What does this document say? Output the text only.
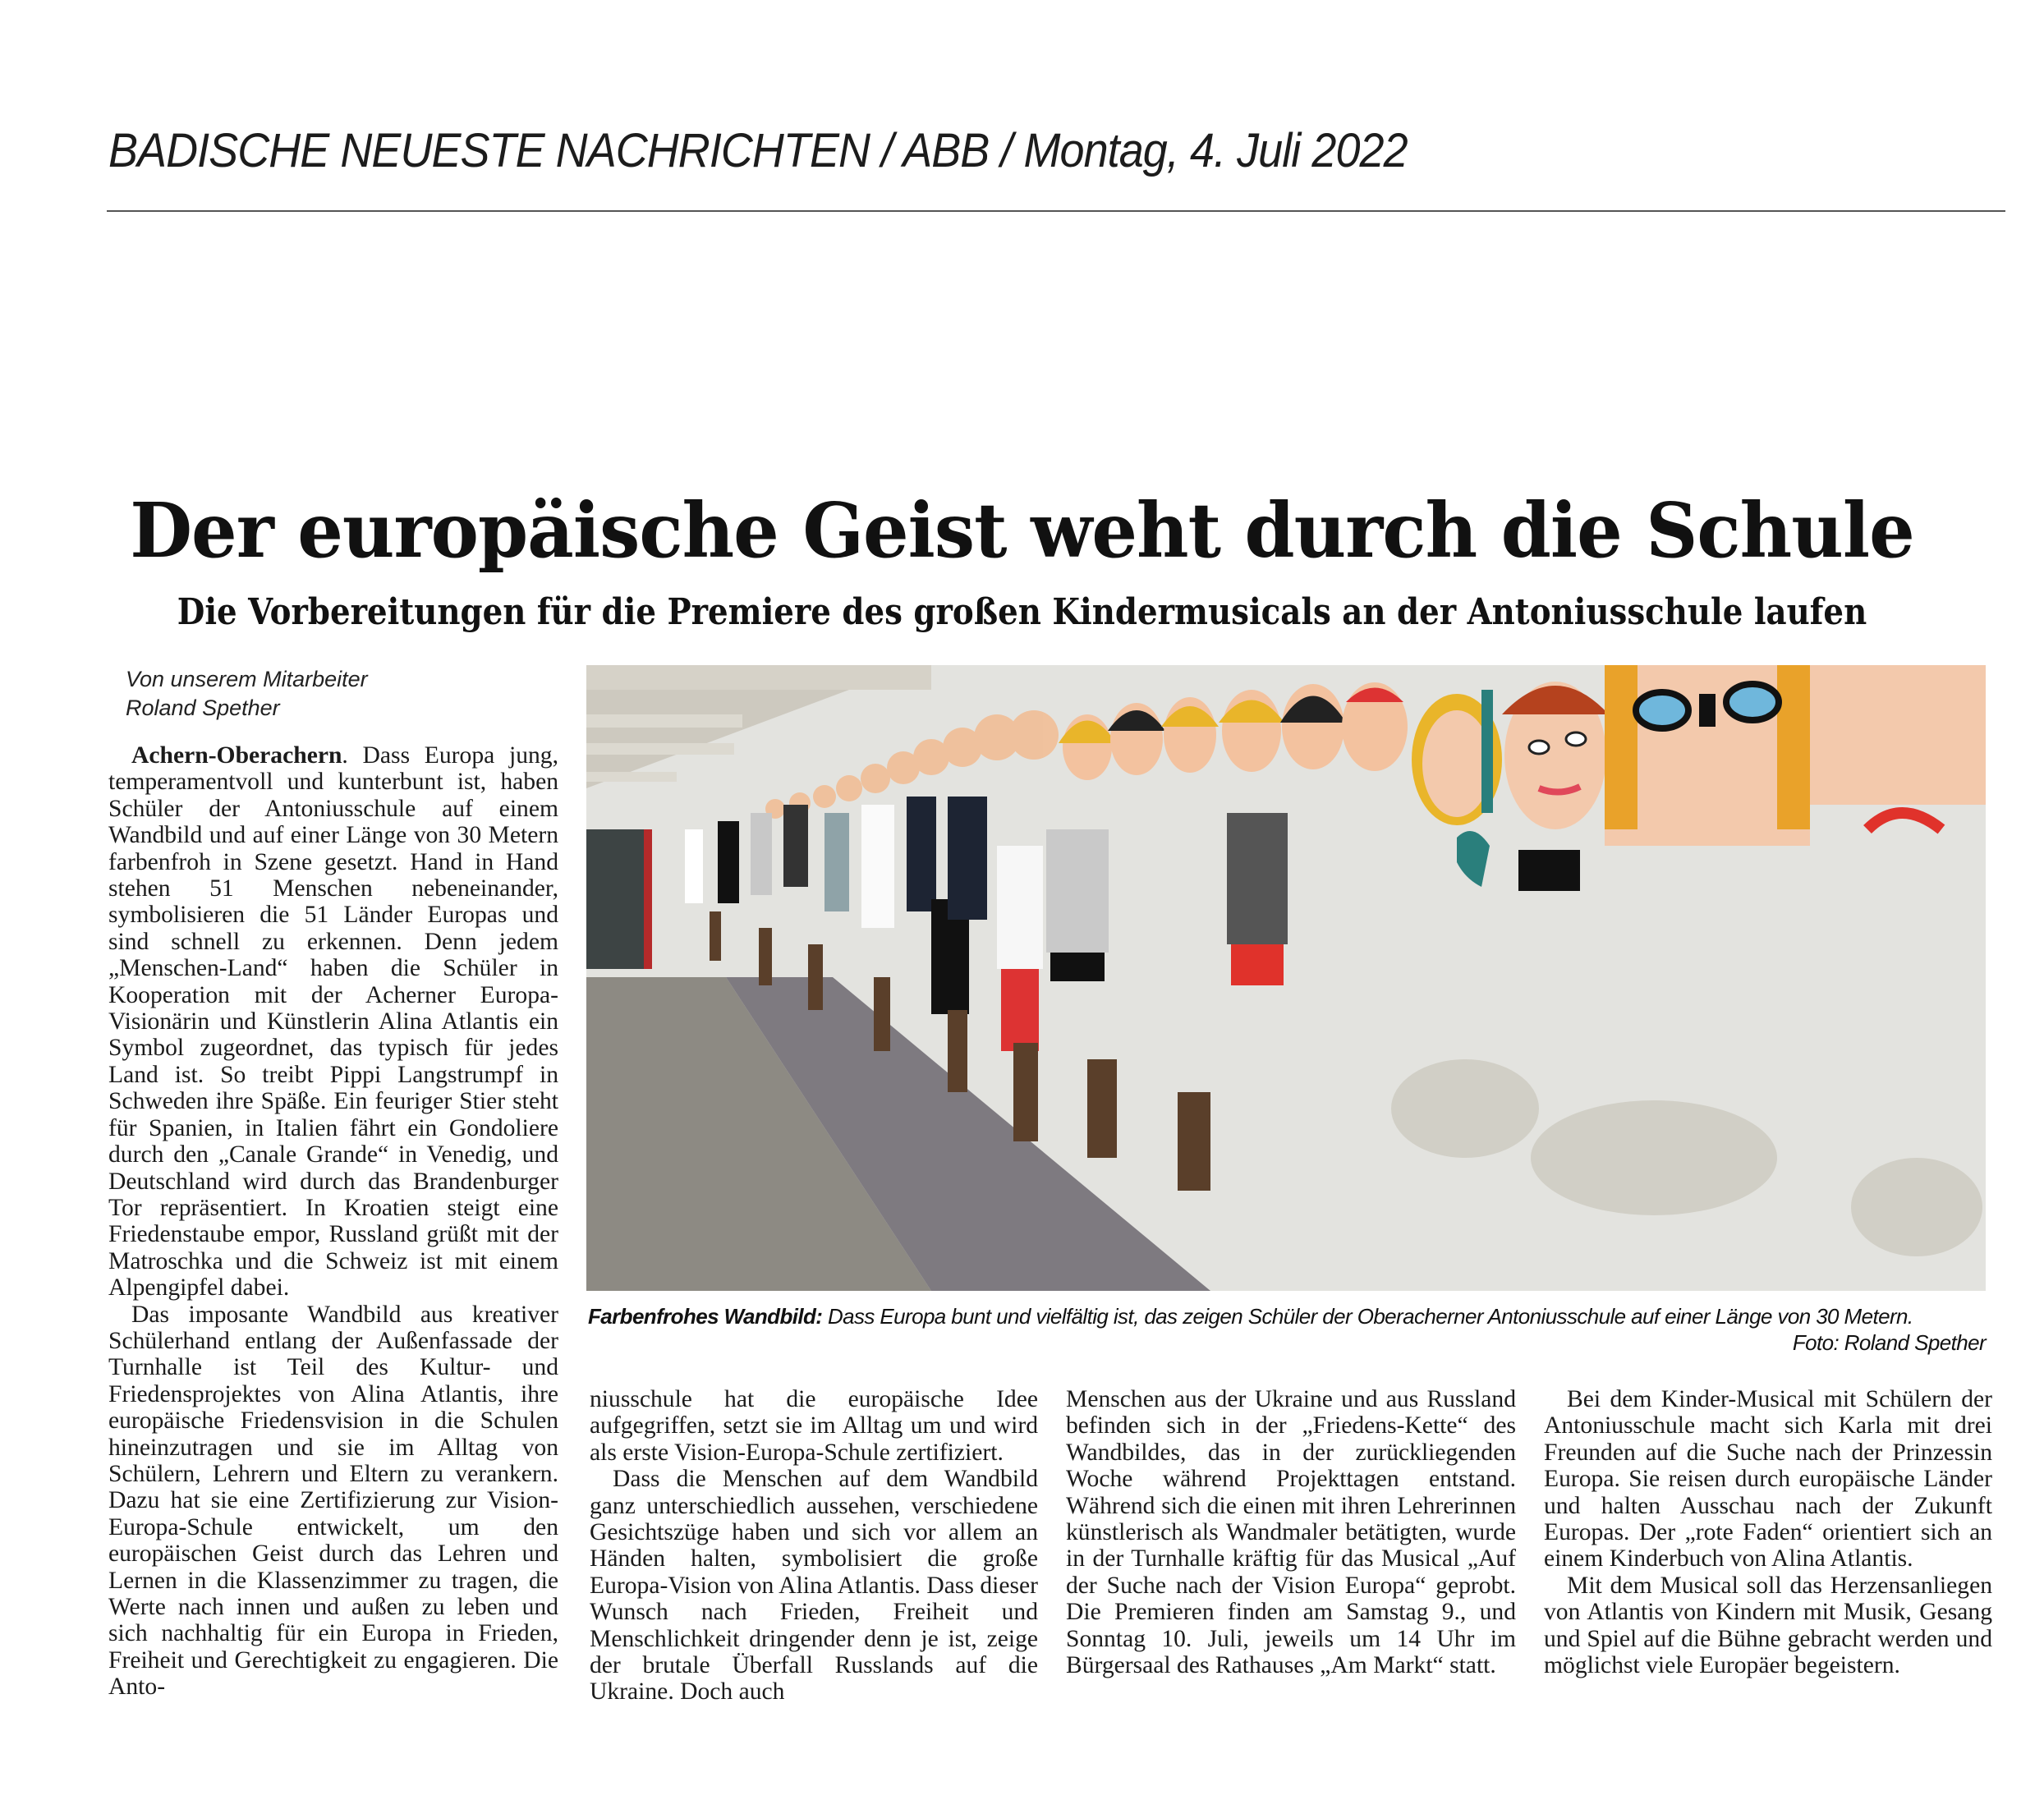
BADISCHE NEUESTE NACHRICHTEN / ABB / Montag, 4. Juli 2022
Der europäische Geist weht durch die Schule
Die Vorbereitungen für die Premiere des großen Kindermusicals an der Antoniusschule laufen
Von unserem Mitarbeiter
Roland Spether

Achern-Oberachern. Dass Europa jung, temperamentvoll und kunterbunt ist, haben Schüler der Antoniusschule auf einem Wandbild und auf einer Länge von 30 Metern farbenfroh in Szene gesetzt. Hand in Hand stehen 51 Menschen nebeneinander, symbolisieren die 51 Länder Europas und sind schnell zu erkennen. Denn jedem „Menschen-Land“ haben die Schüler in Kooperation mit der Acherner Europa-Visionärin und Künstlerin Alina Atlantis ein Symbol zugeordnet, das typisch für jedes Land ist. So treibt Pippi Langstrumpf in Schweden ihre Späße. Ein feuriger Stier steht für Spanien, in Italien fährt ein Gondoliere durch den „Canale Grande“ in Venedig, und Deutschland wird durch das Brandenburger Tor repräsentiert. In Kroatien steigt eine Friedenstaube empor, Russland grüßt mit der Matroschka und die Schweiz ist mit einem Alpengipfel dabei.

Das imposante Wandbild aus kreativer Schülerhand entlang der Außenfassade der Turnhalle ist Teil des Kultur- und Friedensprojektes von Alina Atlantis, ihre europäische Friedensvision in die Schulen hineinzutragen und sie im Alltag von Schülern, Lehrern und Eltern zu verankern. Dazu hat sie eine Zertifizierung zur Vision-Europa-Schule entwickelt, um den europäischen Geist durch das Lehren und Lernen in die Klassenzimmer zu tragen, die Werte nach innen und außen zu leben und sich nachhaltig für ein Europa in Frieden, Freiheit und Gerechtigkeit zu engagieren. Die Anto-

Farbenfrohes Wandbild: Dass Europa bunt und vielfältig ist, das zeigen Schüler der Oberacherner Antoniusschule auf einer Länge von 30 Metern.
Foto: Roland Spether

niusschule hat die europäische Idee aufgegriffen, setzt sie im Alltag um und wird als erste Vision-Europa-Schule zertifiziert.

Dass die Menschen auf dem Wandbild ganz unterschiedlich aussehen, verschiedene Gesichtszüge haben und sich vor allem an Händen halten, symbolisiert die große Europa-Vision von Alina Atlantis. Dass dieser Wunsch nach Frieden, Freiheit und Menschlichkeit dringender denn je ist, zeige der brutale Überfall Russlands auf die Ukraine. Doch auch

Menschen aus der Ukraine und aus Russland befinden sich in der „Friedens-Kette“ des Wandbildes, das in der zurückliegenden Woche während Projekttagen entstand. Während sich die einen mit ihren Lehrerinnen künstlerisch als Wandmaler betätigten, wurde in der Turnhalle kräftig für das Musical „Auf der Suche nach der Vision Europa“ geprobt. Die Premieren finden am Samstag 9., und Sonntag 10. Juli, jeweils um 14 Uhr im Bürgersaal des Rathauses „Am Markt“ statt.

Bei dem Kinder-Musical mit Schülern der Antoniusschule macht sich Karla mit drei Freunden auf die Suche nach der Prinzessin Europa. Sie reisen durch europäische Länder und halten Ausschau nach der Zukunft Europas. Der „rote Faden“ orientiert sich an einem Kinderbuch von Alina Atlantis.

Mit dem Musical soll das Herzensanliegen von Atlantis von Kindern mit Musik, Gesang und Spiel auf die Bühne gebracht werden und möglichst viele Europäer begeistern.
